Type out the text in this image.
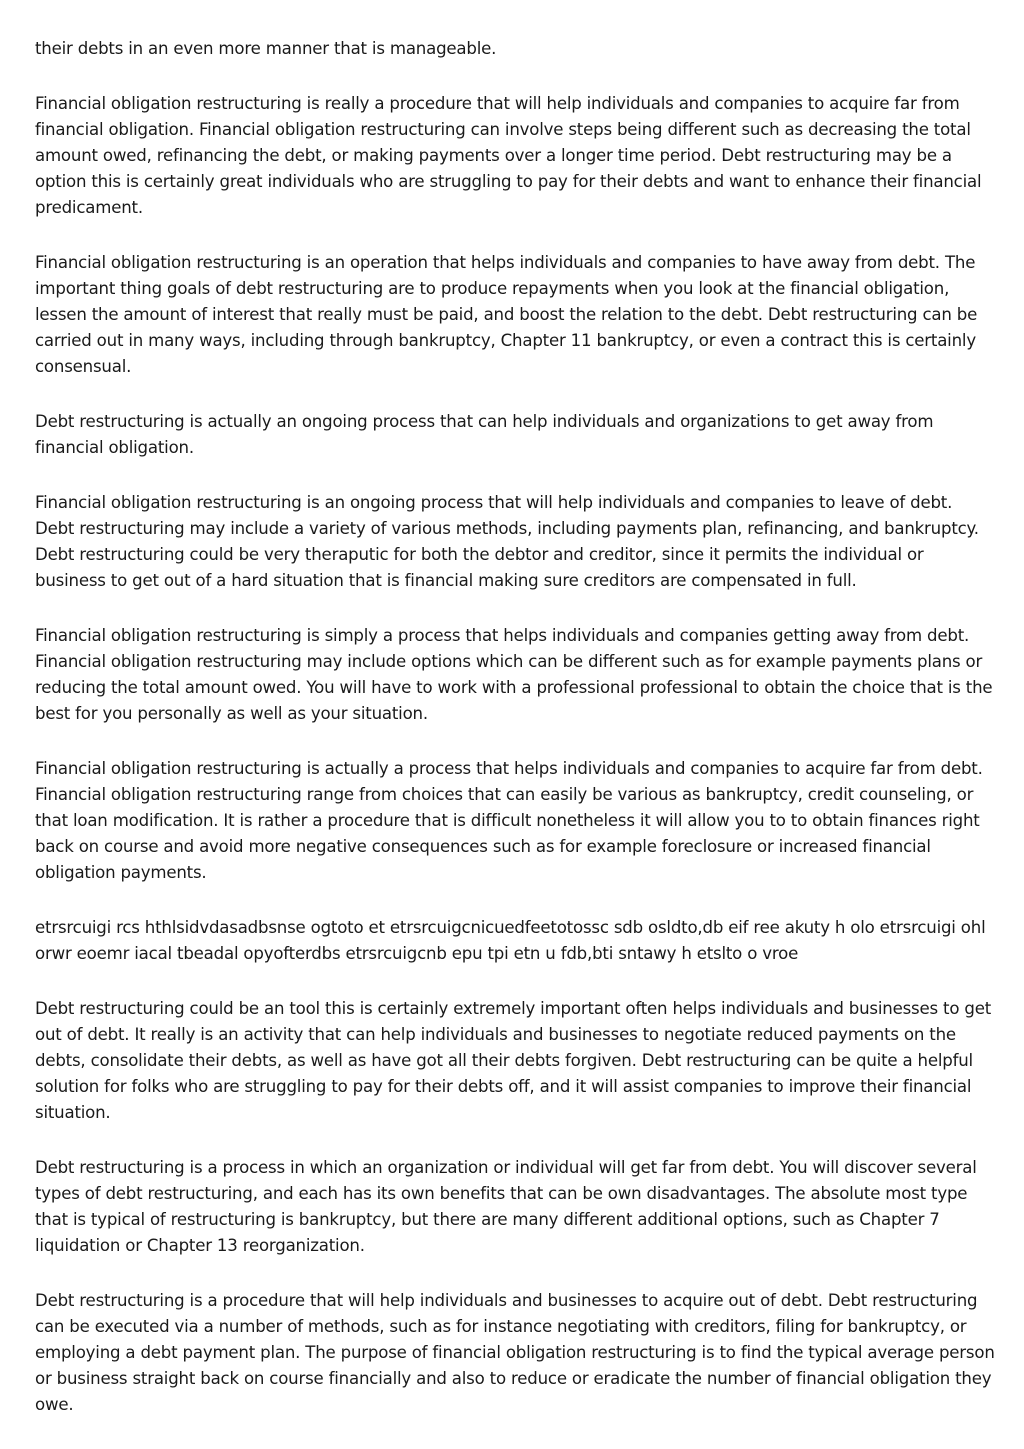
their debts in an even more manner that is manageable.

Financial obligation restructuring is really a procedure that will help individuals and companies to acquire far from financial obligation. Financial obligation restructuring can involve steps being different such as decreasing the total amount owed, refinancing the debt, or making payments over a longer time period. Debt restructuring may be a option this is certainly great individuals who are struggling to pay for their debts and want to enhance their financial predicament.

Financial obligation restructuring is an operation that helps individuals and companies to have away from debt. The important thing goals of debt restructuring are to produce repayments when you look at the financial obligation, lessen the amount of interest that really must be paid, and boost the relation to the debt. Debt restructuring can be carried out in many ways, including through bankruptcy, Chapter 11 bankruptcy, or even a contract this is certainly consensual.

Debt restructuring is actually an ongoing process that can help individuals and organizations to get away from financial obligation.

Financial obligation restructuring is an ongoing process that will help individuals and companies to leave of debt. Debt restructuring may include a variety of various methods, including payments plan, refinancing, and bankruptcy. Debt restructuring could be very theraputic for both the debtor and creditor, since it permits the individual or business to get out of a hard situation that is financial making sure creditors are compensated in full.

Financial obligation restructuring is simply a process that helps individuals and companies getting away from debt. Financial obligation restructuring may include options which can be different such as for example payments plans or reducing the total amount owed. You will have to work with a professional professional to obtain the choice that is the best for you personally as well as your situation.

Financial obligation restructuring is actually a process that helps individuals and companies to acquire far from debt. Financial obligation restructuring range from choices that can easily be various as bankruptcy, credit counseling, or that loan modification. It is rather a procedure that is difficult nonetheless it will allow you to to obtain finances right back on course and avoid more negative consequences such as for example foreclosure or increased financial obligation payments.

etrsrcuigi rcs hthlsidvdasadbsnse ogtoto et etrsrcuigcnicuedfeetotossc sdb osldto,db eif ree akuty h olo etrsrcuigi ohl orwr eoemr iacal tbeadal opyofterdbs etrsrcuigcnb epu tpi etn u fdb,bti sntawy h etslto o vroe

Debt restructuring could be an tool this is certainly extremely important often helps individuals and businesses to get out of debt. It really is an activity that can help individuals and businesses to negotiate reduced payments on the debts, consolidate their debts, as well as have got all their debts forgiven. Debt restructuring can be quite a helpful solution for folks who are struggling to pay for their debts off, and it will assist companies to improve their financial situation.

Debt restructuring is a process in which an organization or individual will get far from debt. You will discover several types of debt restructuring, and each has its own benefits that can be own disadvantages. The absolute most type that is typical of restructuring is bankruptcy, but there are many different additional options, such as Chapter 7 liquidation or Chapter 13 reorganization.

Debt restructuring is a procedure that will help individuals and businesses to acquire out of debt. Debt restructuring can be executed via a number of methods, such as for instance negotiating with creditors, filing for bankruptcy, or employing a debt payment plan. The purpose of financial obligation restructuring is to find the typical average person or business straight back on course financially and also to reduce or eradicate the number of financial obligation they owe.
